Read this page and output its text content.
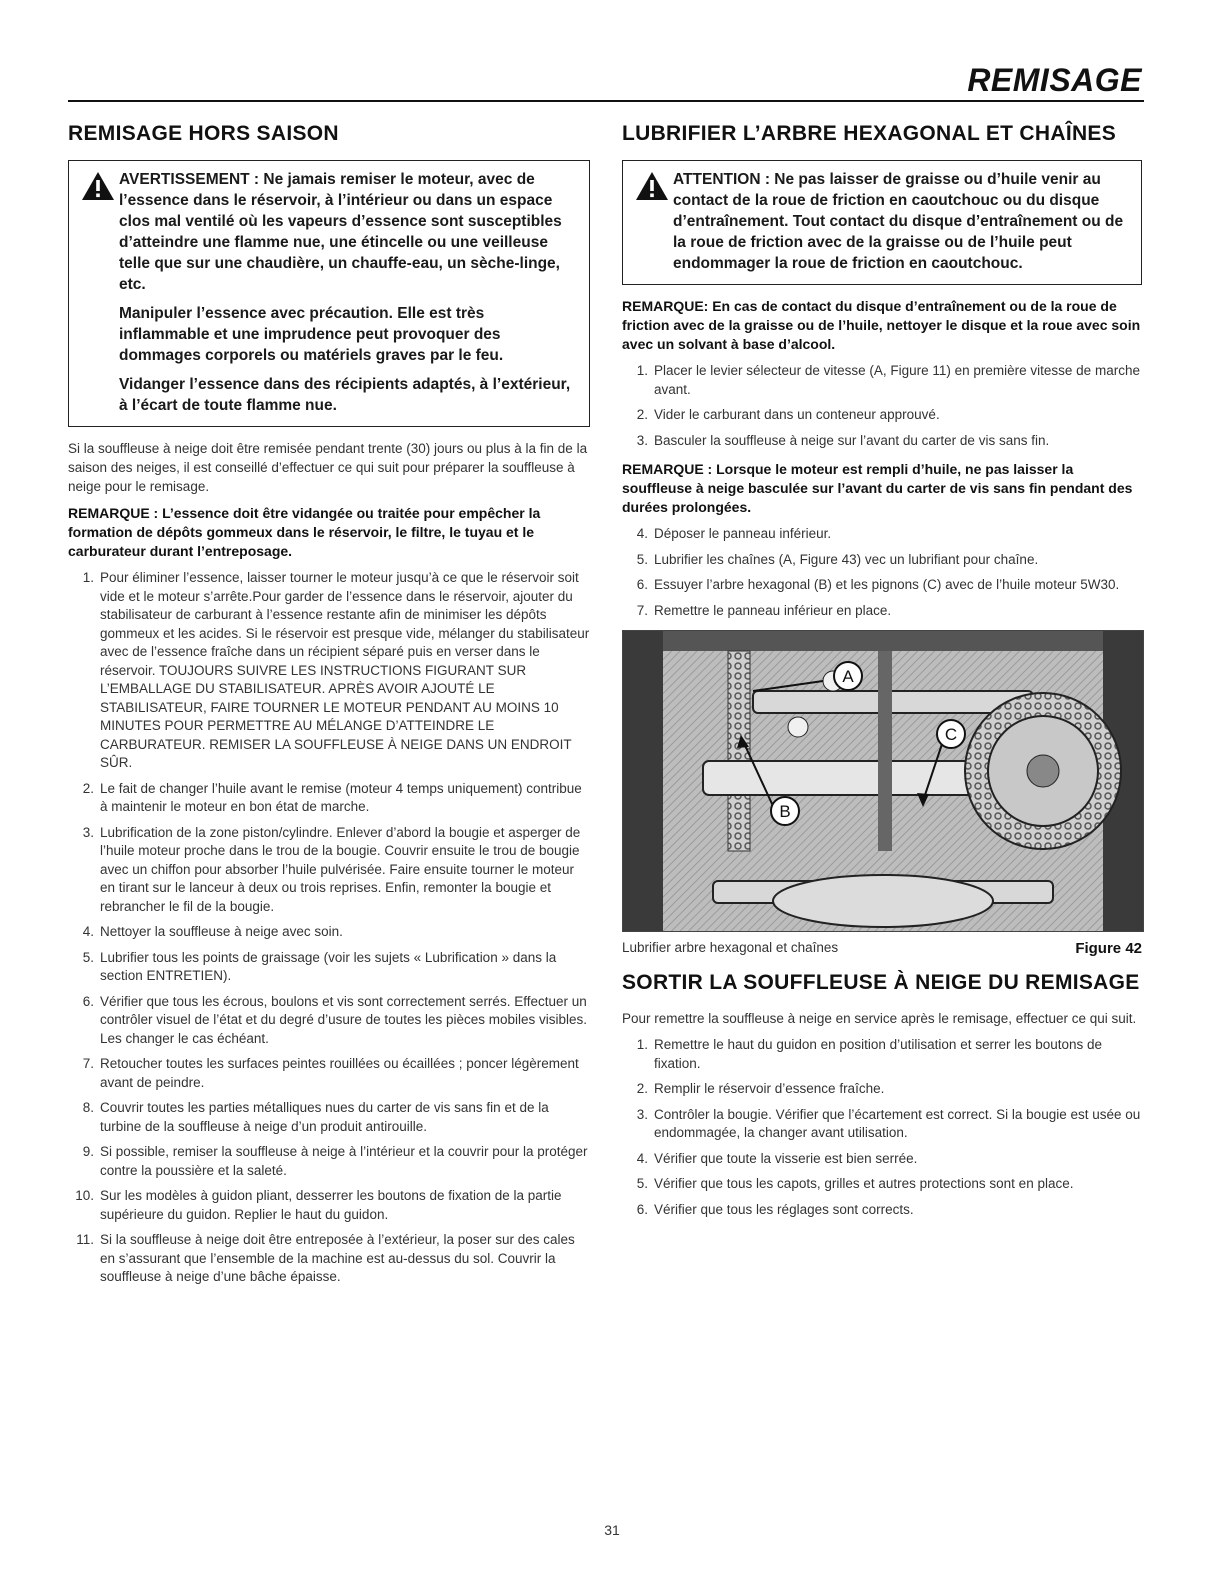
REMISAGE
REMISAGE HORS SAISON

AVERTISSEMENT : Ne jamais remiser le moteur, avec de l’essence dans le réservoir, à l’intérieur ou dans un espace clos mal ventilé où les vapeurs d’essence sont susceptibles d’atteindre une flamme nue, une étincelle ou une veilleuse telle que sur une chaudière, un chauffe-eau, un sèche-linge, etc.

Manipuler l’essence avec précaution. Elle est très inflammable et une imprudence peut provoquer des dommages corporels ou matériels graves par le feu.

Vidanger l’essence dans des récipients adaptés, à l’extérieur, à l’écart de toute flamme nue.

Si la souffleuse à neige doit être remisée pendant trente (30) jours ou plus à la fin de la saison des neiges, il est conseillé d’effectuer ce qui suit pour préparer la souffleuse à neige pour le remisage.

REMARQUE : L’essence doit être vidangée ou traitée pour empêcher la formation de dépôts gommeux dans le réservoir, le filtre, le tuyau et le carburateur durant l’entreposage.

1. Pour éliminer l’essence, laisser tourner le moteur jusqu’à ce que le réservoir soit vide et le moteur s’arrête.Pour garder de l’essence dans le réservoir, ajouter du stabilisateur de carburant à l’essence restante afin de minimiser les dépôts gommeux et les acides. Si le réservoir est presque vide, mélanger du stabilisateur avec de l’essence fraîche dans un récipient séparé puis en verser dans le réservoir. TOUJOURS SUIVRE LES INSTRUCTIONS FIGURANT SUR L’EMBALLAGE DU STABILISATEUR. APRÈS AVOIR AJOUTÉ LE STABILISATEUR, FAIRE TOURNER LE MOTEUR PENDANT AU MOINS 10 MINUTES POUR PERMETTRE AU MÉLANGE D’ATTEINDRE LE CARBURATEUR. REMISER LA SOUFFLEUSE À NEIGE DANS UN ENDROIT SÛR.
2. Le fait de changer l’huile avant le remise (moteur 4 temps uniquement) contribue à maintenir le moteur en bon état de marche.
3. Lubrification de la zone piston/cylindre. Enlever d’abord la bougie et asperger de l’huile moteur proche dans le trou de la bougie. Couvrir ensuite le trou de bougie avec un chiffon pour absorber l’huile pulvérisée. Faire ensuite tourner le moteur en tirant sur le lanceur à deux ou trois reprises. Enfin, remonter la bougie et rebrancher le fil de la bougie.
4. Nettoyer la souffleuse à neige avec soin.
5. Lubrifier tous les points de graissage (voir les sujets « Lubrification » dans la section ENTRETIEN).
6. Vérifier que tous les écrous, boulons et vis sont correctement serrés. Effectuer un contrôler visuel de l’état et du degré d’usure de toutes les pièces mobiles visibles. Les changer le cas échéant.
7. Retoucher toutes les surfaces peintes rouillées ou écaillées ; poncer légèrement avant de peindre.
8. Couvrir toutes les parties métalliques nues du carter de vis sans fin et de la turbine de la souffleuse à neige d’un produit antirouille.
9. Si possible, remiser la souffleuse à neige à l’intérieur et la couvrir pour la protéger contre la poussière et la saleté.
10. Sur les modèles à guidon pliant, desserrer les boutons de fixation de la partie supérieure du guidon. Replier le haut du guidon.
11. Si la souffleuse à neige doit être entreposée à l’extérieur, la poser sur des cales en s’assurant que l’ensemble de la machine est au-dessus du sol. Couvrir la souffleuse à neige d’une bâche épaisse.
LUBRIFIER L’ARBRE HEXAGONAL ET CHAÎNES
ATTENTION : Ne pas laisser de graisse ou d’huile venir au contact de la roue de friction en caoutchouc ou du disque d’entraînement. Tout contact du disque d’entraînement ou de la roue de friction avec de la graisse ou de l’huile peut endommager la roue de friction en caoutchouc.

REMARQUE: En cas de contact du disque d’entraînement ou de la roue de friction avec de la graisse ou de l’huile, nettoyer le disque et la roue avec soin avec un solvant à base d’alcool.

1. Placer le levier sélecteur de vitesse (A, Figure 11) en première vitesse de marche avant.
2. Vider le carburant dans un conteneur approuvé.
3. Basculer la souffleuse à neige sur l’avant du carter de vis sans fin.

REMARQUE : Lorsque le moteur est rempli d’huile, ne pas laisser la souffleuse à neige basculée sur l’avant du carter de vis sans fin pendant des durées prolongées.

4. Déposer le panneau inférieur.
5. Lubrifier les chaînes (A, Figure 43) vec un lubrifiant pour chaîne.
6. Essuyer l’arbre hexagonal (B) et les pignons (C) avec de l’huile moteur 5W30.
7. Remettre le panneau inférieur en place.
A
C
B
Lubrifier arbre hexagonal et chaînes	Figure 42
SORTIR LA SOUFFLEUSE À NEIGE DU REMISAGE

Pour remettre la souffleuse à neige en service après le remisage, effectuer ce qui suit.

1. Remettre le haut du guidon en position d’utilisation et serrer les boutons de fixation.
2. Remplir le réservoir d’essence fraîche.
3. Contrôler la bougie. Vérifier que l’écartement est correct. Si la bougie est usée ou endommagée, la changer avant utilisation.
4. Vérifier que toute la visserie est bien serrée.
5. Vérifier que tous les capots, grilles et autres protections sont en place.
6. Vérifier que tous les réglages sont corrects.
31
